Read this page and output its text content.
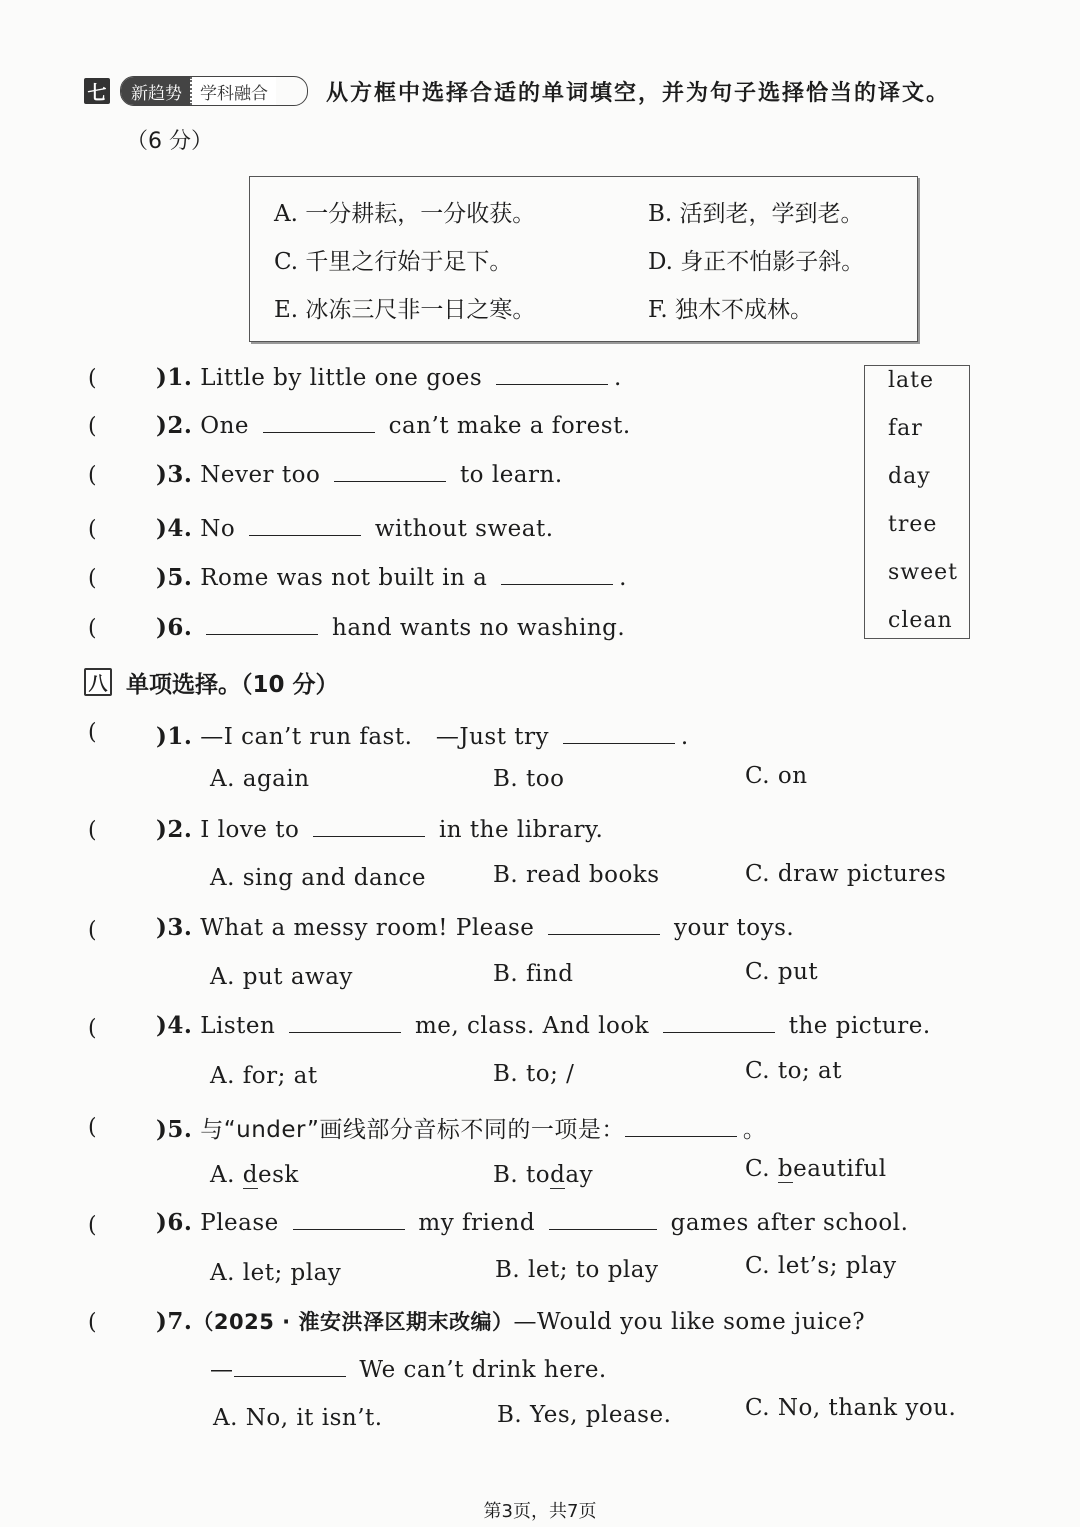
七	新趋势	学科融合	从方框中选择合适的单词填空，并为句子选择恰当的译文。
（6 分）
A. 一分耕耘，一分收获。	B. 活到老，学到老。
C. 千里之行始于足下。	D. 身正不怕影子斜。
E. 冰冻三尺非一日之寒。	F. 独木不成林。
late
far
day
tree
sweet
clean
(	)1. Little by little one goes	.
(	)2. One	can’t make a forest.
(	)3. Never too	to learn.
(	)4. No	without sweat.
(	)5. Rome was not built in a	.
(	)6.	hand wants no washing.
八 单项选择。（10 分）
(	)1. —I can’t run fast.　—Just try	.
A. again	B. too	C. on
(	)2. I love to	in the library.
A. sing and dance	B. read books	C. draw pictures
(	)3. What a messy room! Please	your toys.
A. put away	B. find	C. put
(	)4. Listen	me, class. And look	the picture.
A. for; at	B. to; /	C. to; at
(	)5. 与“under”画线部分音标不同的一项是：	。
A. desk	B. today	C. beautiful
(	)6. Please	my friend	games after school.
A. let; play	B. let; to play	C. let’s; play
(	)7.（2025 · 淮安洪泽区期末改编）—Would you like some juice?
—	We can’t drink here.
A. No, it isn’t.	B. Yes, please.	C. No, thank you.
第3页，共7页
